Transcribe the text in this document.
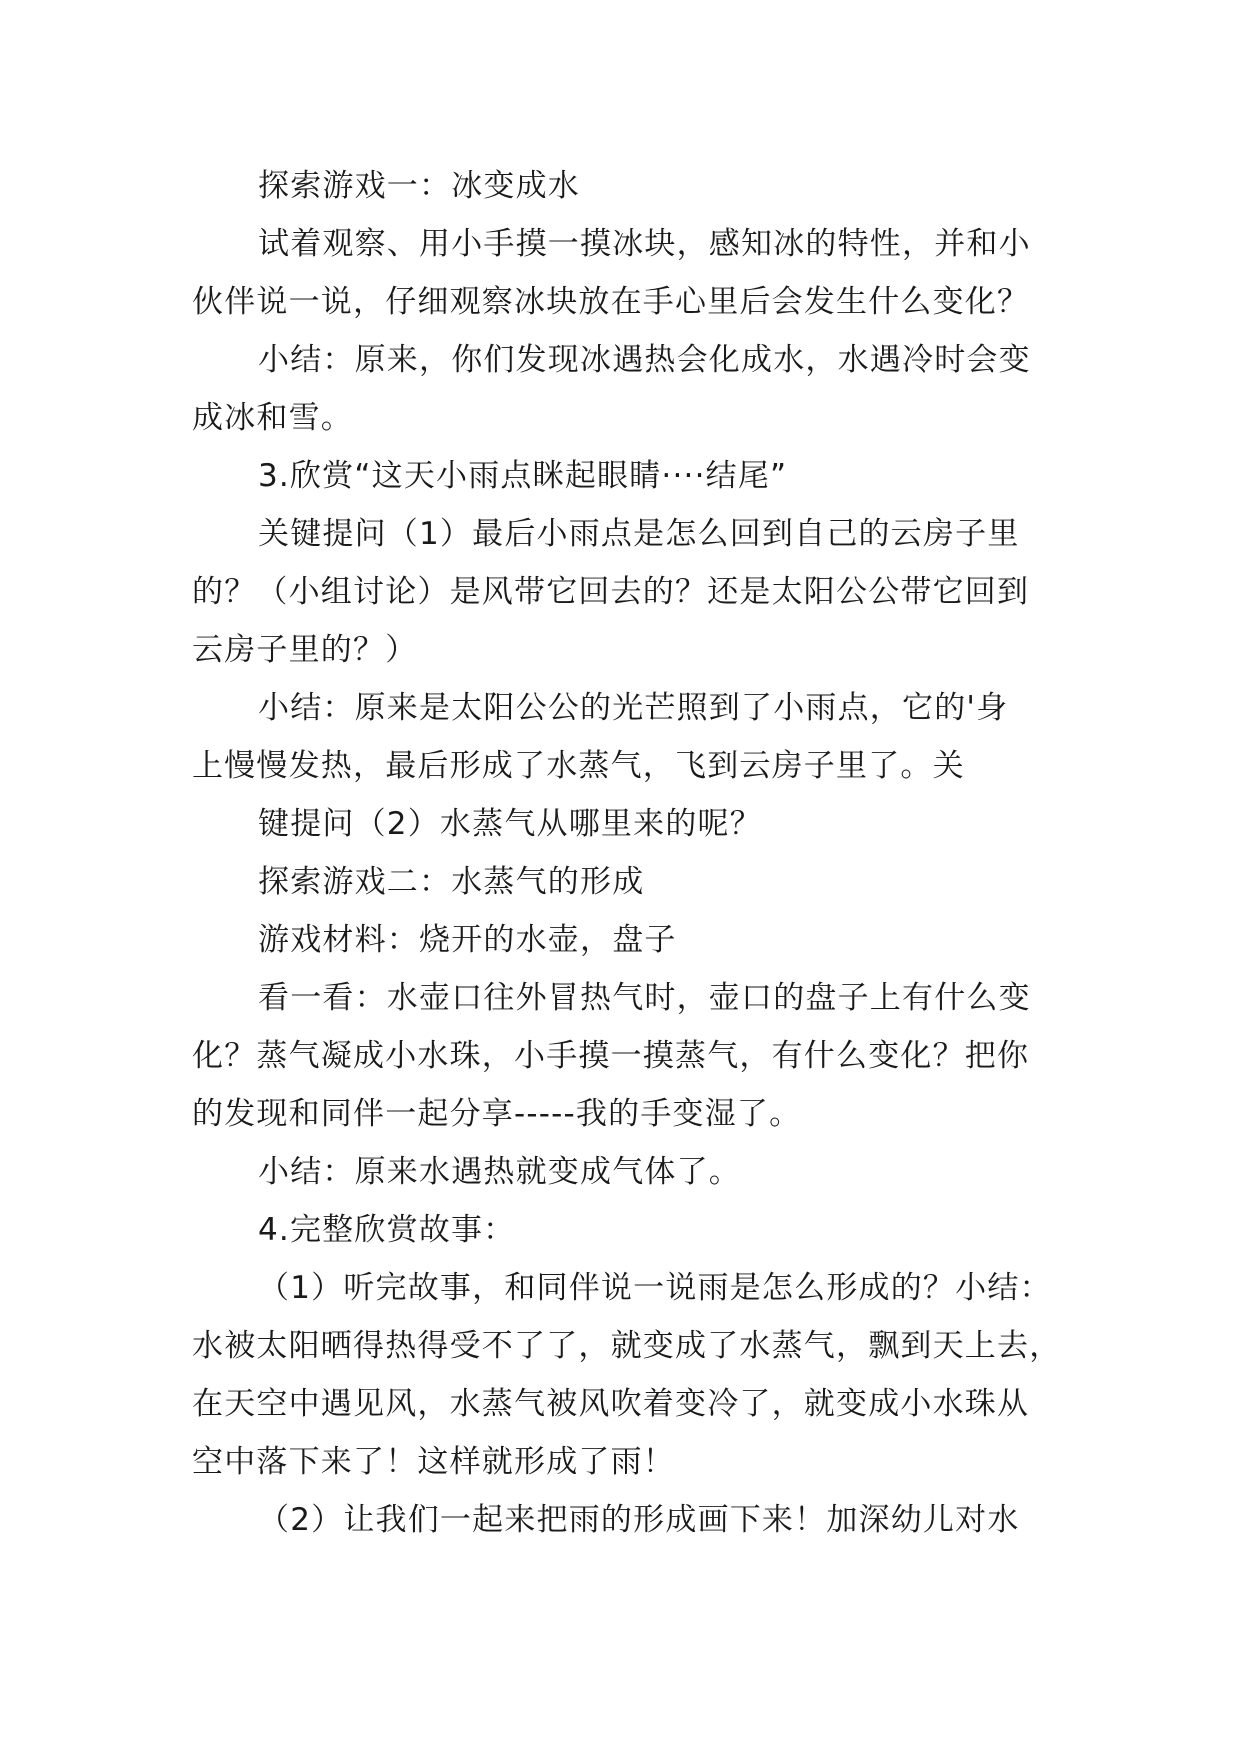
探索游戏一：冰变成水
试着观察、用小手摸一摸冰块，感知冰的特性，并和小
伙伴说一说，仔细观察冰块放在手心里后会发生什么变化？
小结：原来，你们发现冰遇热会化成水，水遇冷时会变
成冰和雪。
3.欣赏“这天小雨点眯起眼睛····结尾”
关键提问（1）最后小雨点是怎么回到自己的云房子里
的？（小组讨论）是风带它回去的？还是太阳公公带它回到
云房子里的？）
小结：原来是太阳公公的光芒照到了小雨点，它的'身
上慢慢发热，最后形成了水蒸气，飞到云房子里了。关
键提问（2）水蒸气从哪里来的呢？
探索游戏二：水蒸气的形成
游戏材料：烧开的水壶，盘子
看一看：水壶口往外冒热气时，壶口的盘子上有什么变
化？蒸气凝成小水珠，小手摸一摸蒸气，有什么变化？把你
的发现和同伴一起分享-----我的手变湿了。
小结：原来水遇热就变成气体了。
4.完整欣赏故事：
（1）听完故事，和同伴说一说雨是怎么形成的？小结：
水被太阳晒得热得受不了了，就变成了水蒸气，飘到天上去，
在天空中遇见风，水蒸气被风吹着变冷了，就变成小水珠从
空中落下来了！这样就形成了雨！
（2）让我们一起来把雨的形成画下来！加深幼儿对水
